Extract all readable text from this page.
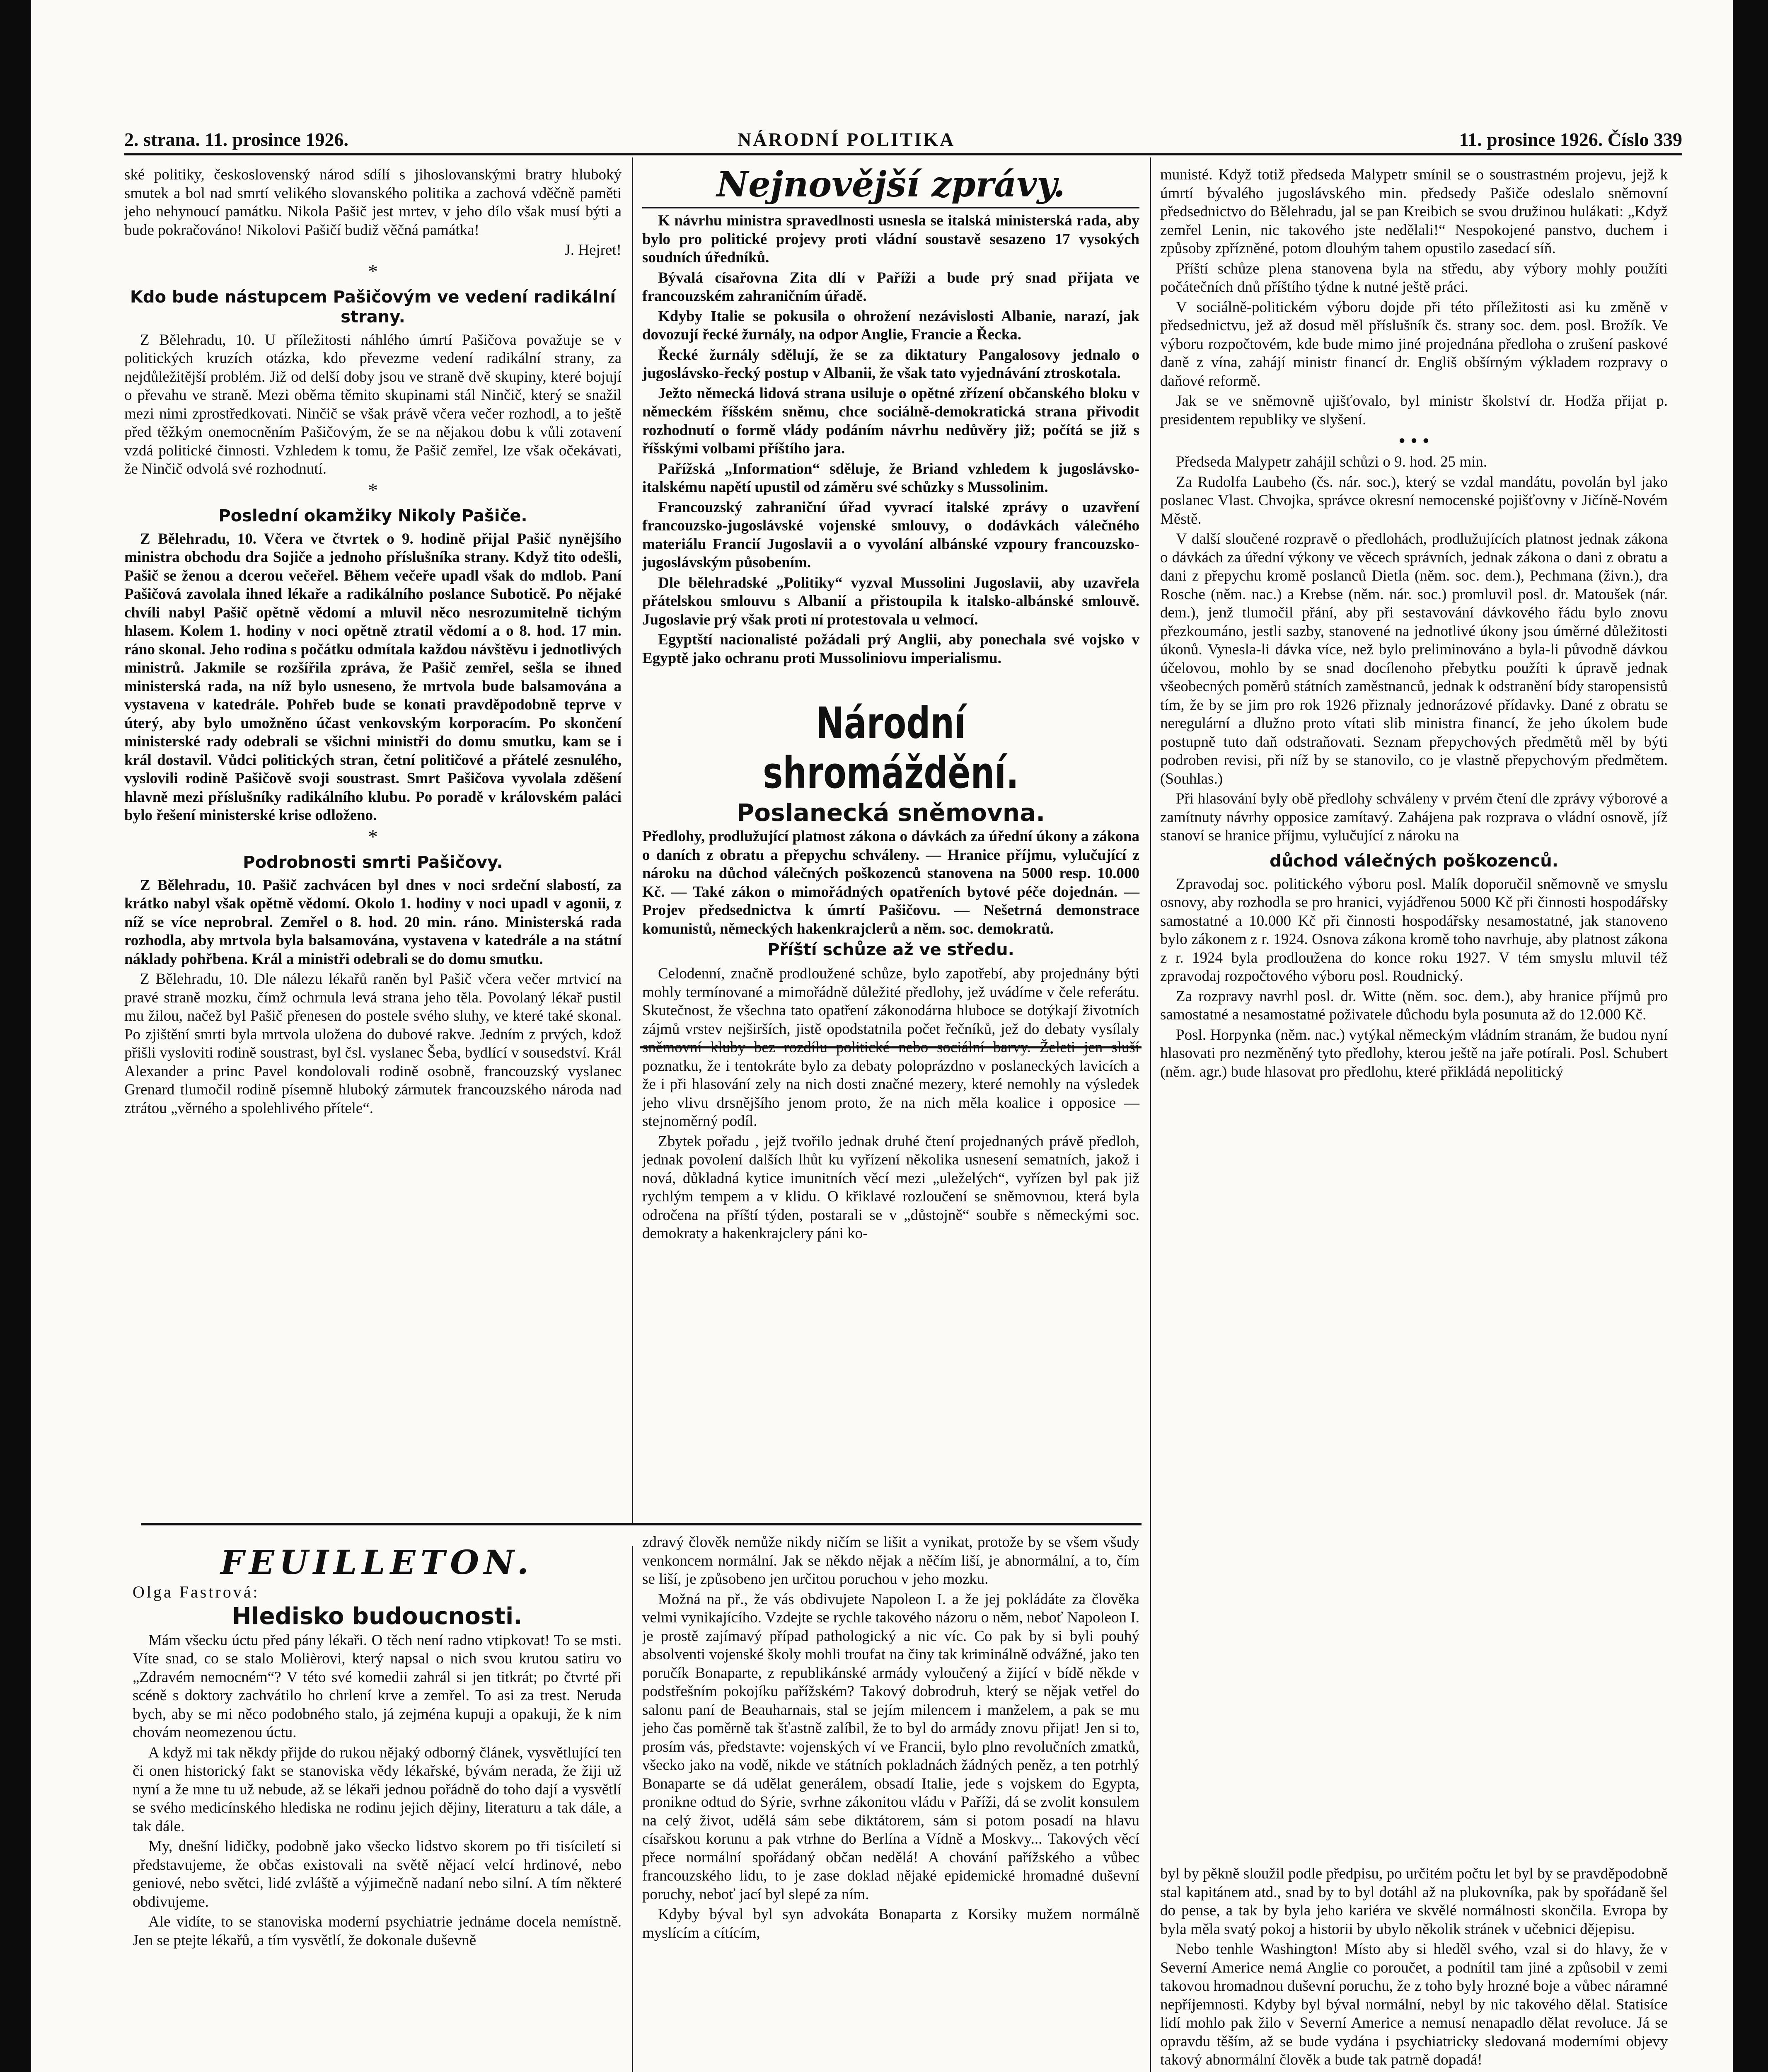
2. strana. 11. prosince 1926.	NÁRODNÍ POLITIKA	11. prosince 1926. Číslo 339

ské politiky, československý národ sdílí s jihoslovanskými bratry hluboký smutek a bol nad smrtí velikého slovanského politika a zachová vděčně paměti jeho nehynoucí památku. Nikola Pašič jest mrtev, v jeho dílo však musí býti a bude pokračováno! Nikolovi Pašičí budiž věčná památka!

J. Hejret!
*
Kdo bude nástupcem Pašičovým ve vedení radikální strany.

Z Bělehradu, 10. U příležitosti náhlého úmrtí Pašičova považuje se v politických kruzích otázka, kdo převezme vedení radikální strany, za nejdůležitější problém. Již od delší doby jsou ve straně dvě skupiny, které bojují o převahu ve straně. Mezi oběma těmito skupinami stál Ninčič, který se snažil mezi nimi zprostředkovati. Ninčič se však právě včera večer rozhodl, a to ještě před těžkým onemocněním Pašičovým, že se na nějakou dobu k vůli zotavení vzdá politické činnosti. Vzhledem k tomu, že Pašič zemřel, lze však očekávati, že Ninčič odvolá své rozhodnutí.

*
Poslední okamžiky Nikoly Pašiče.

Z Bělehradu, 10. Včera ve čtvrtek o 9. hodině přijal Pašič nynějšího ministra obchodu dra Sojiče a jednoho příslušníka strany. Když tito odešli, Pašič se ženou a dcerou večeřel. Během večeře upadl však do mdlob. Paní Pašičová zavolala ihned lékaře a radikálního poslance Suboticě. Po nějaké chvíli nabyl Pašič opětně vědomí a mluvil něco nesrozumitelně tichým hlasem. Kolem 1. hodiny v noci opětně ztratil vědomí a o 8. hod. 17 min. ráno skonal. Jeho rodina s počátku odmítala každou návštěvu i jednotlivých ministrů. Jakmile se rozšířila zpráva, že Pašič zemřel, sešla se ihned ministerská rada, na níž bylo usneseno, že mrtvola bude balsamována a vystavena v katedrále. Pohřeb bude se konati pravděpodobně teprve v úterý, aby bylo umožněno účast venkovským korporacím. Po skončení ministerské rady odebrali se všichni ministři do domu smutku, kam se i král dostavil. Vůdci politických stran, četní političové a přátelé zesnulého, vyslovili rodině Pašičově svoji soustrast. Smrt Pašičova vyvolala zděšení hlavně mezi příslušníky radikálního klubu. Po poradě v královském paláci bylo řešení ministerské krise odloženo.

*
Podrobnosti smrti Pašičovy.

Z Bělehradu, 10. Pašič zachvácen byl dnes v noci srdeční slabostí, za krátko nabyl však opětně vědomí. Okolo 1. hodiny v noci upadl v agonii, z níž se více neprobral. Zemřel o 8. hod. 20 min. ráno. Ministerská rada rozhodla, aby mrtvola byla balsamována, vystavena v katedrále a na státní náklady pohřbena. Král a ministři odebrali se do domu smutku.

Z Bělehradu, 10. Dle nálezu lékařů raněn byl Pašič včera večer mrtvicí na pravé straně mozku, čímž ochrnula levá strana jeho těla. Povolaný lékař pustil mu žilou, načež byl Pašič přenesen do postele svého sluhy, ve které také skonal. Po zjištění smrti byla mrtvola uložena do dubové rakve. Jedním z prvých, kdož přišli vysloviti rodině soustrast, byl čsl. vyslanec Šeba, bydlící v sousedství. Král Alexander a princ Pavel kondolovali rodině osobně, francouzský vyslanec Grenard tlumočil rodině písemně hluboký zármutek francouzského národa nad ztrátou „věrného a spolehlivého přítele“.

Nejnovější zprávy.

K návrhu ministra spravedlnosti usnesla se italská ministerská rada, aby bylo pro politické projevy proti vládní soustavě sesazeno 17 vysokých soudních úředníků.

Bývalá císařovna Zita dlí v Paříži a bude prý snad přijata ve francouzském zahraničním úřadě.

Kdyby Italie se pokusila o ohrožení nezávislosti Albanie, narazí, jak dovozují řecké žurnály, na odpor Anglie, Francie a Řecka.

Řecké žurnály sdělují, že se za diktatury Pangalosovy jednalo o jugoslávsko-řecký postup v Albanii, že však tato vyjednávání ztroskotala.

Ježto německá lidová strana usiluje o opětné zřízení občanského bloku v německém říšském sněmu, chce sociálně-demokratická strana přivodit rozhodnutí o formě vlády podáním návrhu nedůvěry již; počítá se již s říšskými volbami příštího jara.

Pařížská „Information“ sděluje, že Briand vzhledem k jugoslávsko-italskému napětí upustil od záměru své schůzky s Mussolinim.

Francouzský zahraniční úřad vyvrací italské zprávy o uzavření francouzsko-jugoslávské vojenské smlouvy, o dodávkách válečného materiálu Francií Jugoslavii a o vyvolání albánské vzpoury francouzsko-jugoslávským působením.

Dle bělehradské „Politiky“ vyzval Mussolini Jugoslavii, aby uzavřela přátelskou smlouvu s Albanií a přistoupila k italsko-albánské smlouvě. Jugoslavie prý však proti ní protestovala u velmocí.

Egyptští nacionalisté požádali prý Anglii, aby ponechala své vojsko v Egyptě jako ochranu proti Mussoliniovu imperialismu.

Národní shromáždění.
Poslanecká sněmovna.

Předlohy, prodlužující platnost zákona o dávkách za úřední úkony a zákona o daních z obratu a přepychu schváleny. — Hranice příjmu, vylučující z nároku na důchod válečných poškozenců stanovena na 5000 resp. 10.000 Kč. — Také zákon o mimořádných opatřeních bytové péče dojednán. — Projev předsednictva k úmrtí Pašičovu. — Nešetrná demonstrace komunistů, německých hakenkrajclerů a něm. soc. demokratů.

Příští schůze až ve středu.

Celodenní, značně prodloužené schůze, bylo zapotřebí, aby projednány býti mohly termínované a mimořádně důležité předlohy, jež uvádíme v čele referátu. Skutečnost, že všechna tato opatření zákonodárna hluboce se dotýkají životních zájmů vrstev nejširších, jistě opodstatnila počet řečníků, jež do debaty vysílaly sněmovní kluby bez rozdílu politické nebo sociální barvy. Želeti jen sluší poznatku, že i tentokráte bylo za debaty poloprázdno v poslaneckých lavicích a že i při hlasování zely na nich dosti značné mezery, které nemohly na výsledek jeho vlivu drsnějšího jenom proto, že na nich měla koalice i opposice — stejnoměrný podíl.

Zbytek pořadu , jejž tvořilo jednak druhé čtení projednaných právě předloh, jednak povolení dalších lhůt ku vyřízení několika usnesení sematních, jakož i nová, důkladná kytice imunitních věcí mezi „uleželých“, vyřízen byl pak již rychlým tempem a v klidu. O křiklavé rozloučení se sněmovnou, která byla odročena na příští týden, postarali se v „důstojně“ soubře s německými soc. demokraty a hakenkrajclery páni ko-

munisté. Když totiž předseda Malypetr smínil se o soustrastném projevu, jejž k úmrtí bývalého jugoslávského min. předsedy Pašiče odeslalo sněmovní předsednictvo do Bělehradu, jal se pan Kreibich se svou družinou hulákati: „Když zemřel Lenin, nic takového jste nedělali!“ Nespokojené panstvo, duchem i způsoby zpřízněné, potom dlouhým tahem opustilo zasedací síň.

Příští schůze plena stanovena byla na středu, aby výbory mohly použíti počátečních dnů příštího týdne k nutné ještě práci.

V sociálně-politickém výboru dojde při této příležitosti asi ku změně v předsednictvu, jež až dosud měl příslušník čs. strany soc. dem. posl. Brožík. Ve výboru rozpočtovém, kde bude mimo jiné projednána předloha o zrušení paskové daně z vína, zahájí ministr financí dr. Engliš obšírným výkladem rozpravy o daňové reformě.

Jak se ve sněmovně ujišťovalo, byl ministr školství dr. Hodža přijat p. presidentem republiky ve slyšení.

• • •

Předseda Malypetr zahájil schůzi o 9. hod. 25 min.

Za Rudolfa Laubeho (čs. nár. soc.), který se vzdal mandátu, povolán byl jako poslanec Vlast. Chvojka, správce okresní nemocenské pojišťovny v Jičíně-Novém Městě.

V další sloučené rozpravě o předlohách, prodlužujících platnost jednak zákona o dávkách za úřední výkony ve věcech správních, jednak zákona o dani z obratu a dani z přepychu kromě poslanců Dietla (něm. soc. dem.), Pechmana (živn.), dra Rosche (něm. nac.) a Krebse (něm. nár. soc.) promluvil posl. dr. Matoušek (nár. dem.), jenž tlumočil přání, aby při sestavování dávkového řádu bylo znovu přezkoumáno, jestli sazby, stanovené na jednotlivé úkony jsou úměrné důležitosti úkonů. Vynesla-li dávka více, než bylo preliminováno a byla-li původně dávkou účelovou, mohlo by se snad docílenoho přebytku použíti k úpravě jednak všeobecných poměrů státních zaměstnanců, jednak k odstranění bídy staropensistů tím, že by se jim pro rok 1926 přiznaly jednorázové přídavky. Dané z obratu se neregulární a dlužno proto vítati slib ministra financí, že jeho úkolem bude postupně tuto daň odstraňovati. Seznam přepychových předmětů měl by býti podroben revisi, při níž by se stanovilo, co je vlastně přepychovým předmětem. (Souhlas.)

Při hlasování byly obě předlohy schváleny v prvém čtení dle zprávy výborové a zamítnuty návrhy opposice zamítavý. Zahájena pak rozprava o vládní osnově, jíž stanoví se hranice příjmu, vylučující z nároku na

důchod válečných poškozenců.

Zpravodaj soc. politického výboru posl. Malík doporučil sněmovně ve smyslu osnovy, aby rozhodla se pro hranici, vyjádřenou 5000 Kč při činnosti hospodářsky samostatné a 10.000 Kč při činnosti hospodářsky nesamostatné, jak stanoveno bylo zákonem z r. 1924. Osnova zákona kromě toho navrhuje, aby platnost zákona z r. 1924 byla prodloužena do konce roku 1927. V tém smyslu mluvil též zpravodaj rozpočtového výboru posl. Roudnický.

Za rozpravy navrhl posl. dr. Witte (něm. soc. dem.), aby hranice příjmů pro samostatné a nesamostatné poživatele důchodu byla posunuta až do 12.000 Kč.

Posl. Horpynka (něm. nac.) vytýkal německým vládním stranám, že budou nyní hlasovati pro nezměněný tyto předlohy, kterou ještě na jaře potírali. Posl. Schubert (něm. agr.) bude hlasovat pro předlohu, které přikládá nepolitický

FEUILLETON.
Olga Fastrová:
Hledisko budoucnosti.

Mám všecku úctu před pány lékaři. O těch není radno vtipkovat! To se msti. Víte snad, co se stalo Molièrovi, který napsal o nich svou krutou satiru vo „Zdravém nemocném“? V této své komedii zahrál si jen titkrát; po čtvrté při scéně s doktory zachvátilo ho chrlení krve a zemřel. To asi za trest. Neruda bych, aby se mi něco podobného stalo, já zejména kupuji a opakuji, že k nim chovám neomezenou úctu.

A když mi tak někdy přijde do rukou nějaký odborný článek, vysvětlující ten či onen historický fakt se stanoviska vědy lékařské, bývám nerada, že žiji už nyní a že mne tu už nebude, až se lékaři jednou pořádně do toho dají a vysvětlí se svého medicínského hlediska ne rodinu jejich dějiny, literaturu a tak dále, a tak dále.

My, dnešní lidičky, podobně jako všecko lidstvo skorem po tři tisíciletí si představujeme, že občas existovali na světě nějací velcí hrdinové, nebo geniové, nebo světci, lidé zvláště a výjimečně nadaní nebo silní. A tím některé obdivujeme.

Ale vidíte, to se stanoviska moderní psychiatrie jednáme docela nemístně. Jen se ptejte lékařů, a tím vysvětlí, že dokonale duševně

zdravý člověk nemůže nikdy ničím se lišit a vynikat, protože by se všem všudy venkoncem normální. Jak se někdo nějak a něčím liší, je abnormální, a to, čím se liší, je způsobeno jen určitou poruchou v jeho mozku.

Možná na př., že vás obdivujete Napoleon I. a že jej pokládáte za člověka velmi vynikajícího. Vzdejte se rychle takového názoru o něm, neboť Napoleon I. je prostě zajímavý případ pathologický a nic víc. Co pak by si byli pouhý absolventi vojenské školy mohli troufat na činy tak kriminálně odvážné, jako ten poručík Bonaparte, z republikánské armády vyloučený a žijící v bídě někde v podstřešním pokojíku pařížském? Takový dobrodruh, který se nějak vetřel do salonu paní de Beauharnais, stal se jejím milencem i manželem, a pak se mu jeho čas poměrně tak šťastně zalíbil, že to byl do armády znovu přijat! Jen si to, prosím vás, představte: vojenských ví ve Francii, bylo plno revolučních zmatků, všecko jako na vodě, nikde ve státních pokladnách žádných peněz, a ten potrhlý Bonaparte se dá udělat generálem, obsadí Italie, jede s vojskem do Egypta, pronikne odtud do Sýrie, svrhne zákonitou vládu v Paříži, dá se zvolit konsulem na celý život, udělá sám sebe diktátorem, sám si potom posadí na hlavu císařskou korunu a pak vtrhne do Berlína a Vídně a Moskvy... Takových věcí přece normální spořádaný občan nedělá! A chování pařížského a vůbec francouzského lidu, to je zase doklad nějaké epidemické hromadné duševní poruchy, neboť jací byl slepé za ním.

Kdyby býval byl syn advokáta Bonaparta z Korsiky mužem normálně myslícím a cítícím,

byl by pěkně sloužil podle předpisu, po určitém počtu let byl by se pravděpodobně stal kapitánem atd., snad by to byl dotáhl až na plukovníka, pak by spořádaně šel do pense, a tak by byla jeho kariéra ve skvělé normálnosti skončila. Evropa by byla měla svatý pokoj a historii by ubylo několik stránek v učebnici dějepisu.

Nebo tenhle Washington! Místo aby si hleděl svého, vzal si do hlavy, že v Severní Americe nemá Anglie co poroučet, a podnítil tam jiné a způsobil v zemi takovou hromadnou duševní poruchu, že z toho byly hrozné boje a vůbec náramné nepříjemnosti. Kdyby byl býval normální, nebyl by nic takového dělal. Statisíce lidí mohlo pak žilo v Severní Americe a nemusí nenapadlo dělat revoluce. Já se opravdu těším, až se bude vydána i psychiatricky sledovaná moderními objevy takový abnormální člověk a bude tak patrně dopadá!
